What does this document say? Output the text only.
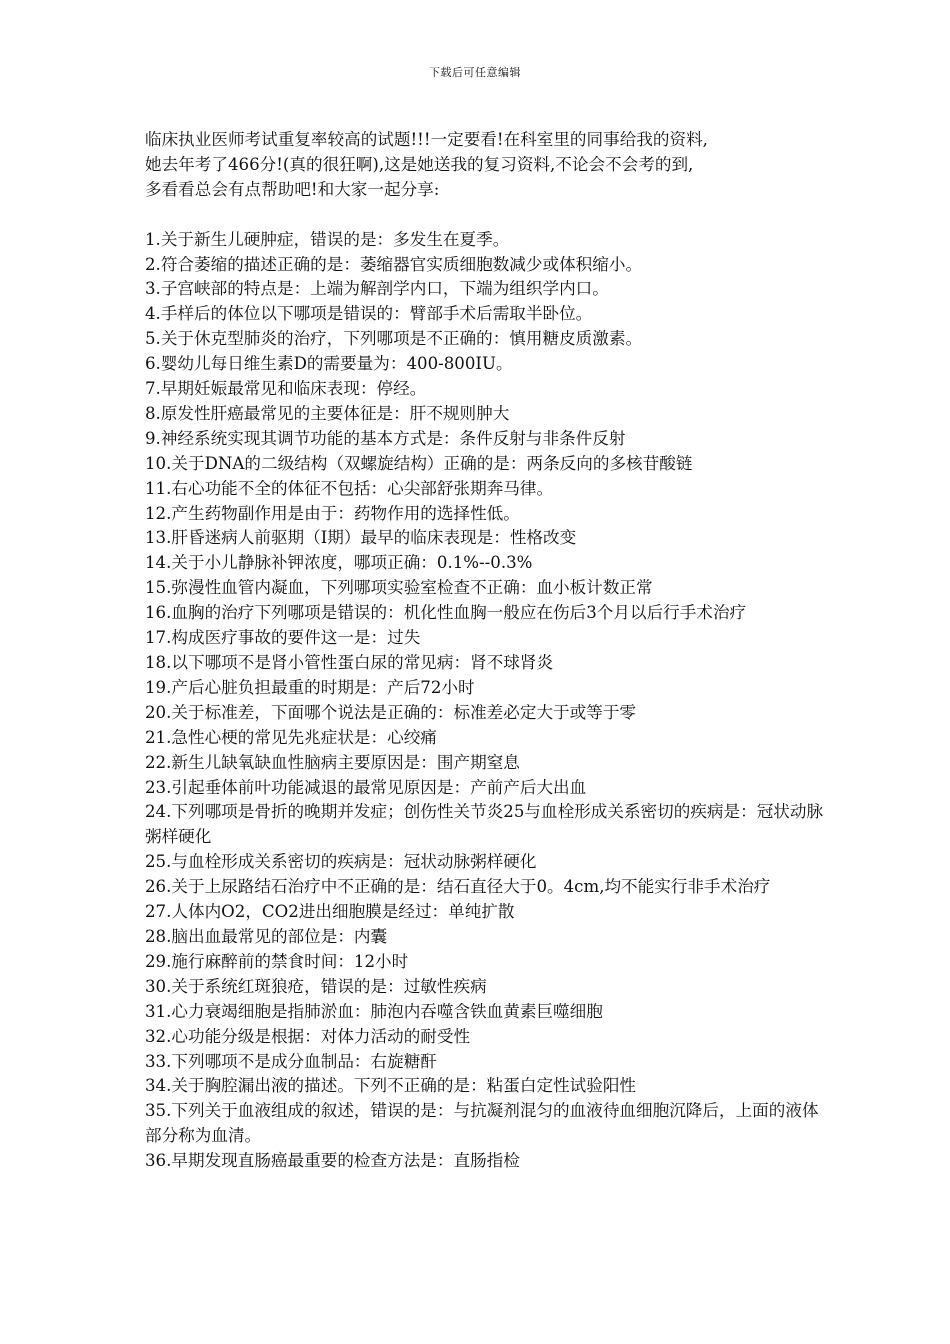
下载后可任意编辑

临床执业医师考试重复率较高的试题!!!一定要看!在科室里的同事给我的资料,

她去年考了466分!(真的很狂啊),这是她送我的复习资料,不论会不会考的到,

多看看总会有点帮助吧!和大家一起分享:

1.关于新生儿硬肿症，错误的是：多发生在夏季。
2.符合萎缩的描述正确的是：萎缩器官实质细胞数减少或体积缩小。
3.子宫峡部的特点是：上端为解剖学内口，下端为组织学内口。
4.手样后的体位以下哪项是错误的：臂部手术后需取半卧位。
5.关于休克型肺炎的治疗，下列哪项是不正确的：慎用糖皮质激素。
6.婴幼儿每日维生素D的需要量为：400-800IU。
7.早期妊娠最常见和临床表现：停经。
8.原发性肝癌最常见的主要体征是：肝不规则肿大
9.神经系统实现其调节功能的基本方式是：条件反射与非条件反射
10.关于DNA的二级结构（双螺旋结构）正确的是：两条反向的多核苷酸链
11.右心功能不全的体征不包括：心尖部舒张期奔马律。
12.产生药物副作用是由于：药物作用的选择性低。
13.肝昏迷病人前驱期（I期）最早的临床表现是：性格改变
14.关于小儿静脉补钾浓度，哪项正确：0.1%--0.3%
15.弥漫性血管内凝血，下列哪项实验室检查不正确：血小板计数正常
16.血胸的治疗下列哪项是错误的：机化性血胸一般应在伤后3个月以后行手术治疗
17.构成医疗事故的要件这一是：过失
18.以下哪项不是肾小管性蛋白尿的常见病：肾不球肾炎
19.产后心脏负担最重的时期是：产后72小时
20.关于标准差，下面哪个说法是正确的：标准差必定大于或等于零
21.急性心梗的常见先兆症状是：心绞痛
22.新生儿缺氧缺血性脑病主要原因是：围产期窒息
23.引起垂体前叶功能减退的最常见原因是：产前产后大出血
24.下列哪项是骨折的晚期并发症；创伤性关节炎25与血栓形成关系密切的疾病是：冠状动脉粥样硬化
25.与血栓形成关系密切的疾病是：冠状动脉粥样硬化
26.关于上尿路结石治疗中不正确的是：结石直径大于0。4cm,均不能实行非手术治疗
27.人体内O2，CO2进出细胞膜是经过：单纯扩散
28.脑出血最常见的部位是：内囊
29.施行麻醉前的禁食时间：12小时
30.关于系统红斑狼疮，错误的是：过敏性疾病
31.心力衰竭细胞是指肺淤血：肺泡内吞噬含铁血黄素巨噬细胞
32.心功能分级是根据：对体力活动的耐受性
33.下列哪项不是成分血制品：右旋糖酐
34.关于胸腔漏出液的描述。下列不正确的是：粘蛋白定性试验阳性
35.下列关于血液组成的叙述，错误的是：与抗凝剂混匀的血液待血细胞沉降后，上面的液体部分称为血清。
36.早期发现直肠癌最重要的检查方法是：直肠指检
